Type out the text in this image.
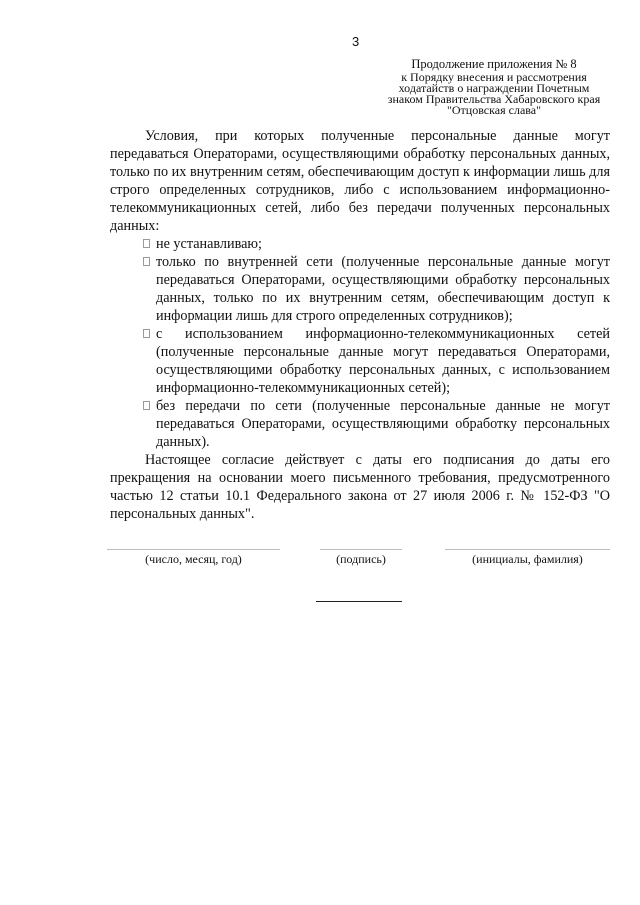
3
Продолжение приложения № 8
к Порядку внесения и рассмотрения
ходатайств о награждении Почетным
знаком Правительства Хабаровского края
"Отцовская слава"

Условия, при которых полученные персональные данные могут передаваться Операторами, осуществляющими обработку персональных данных, только по их внутренним сетям, обеспечивающим доступ к информации лишь для строго определенных сотрудников, либо с использованием информационно-телекоммуникационных сетей, либо без передачи полученных персональных данных:

не устанавливаю;
только по внутренней сети (полученные персональные данные могут передаваться Операторами, осуществляющими обработку персональных данных, только по их внутренним сетям, обеспечивающим доступ к информации лишь для строго определенных сотрудников);
с использованием информационно-телекоммуникационных сетей (полученные персональные данные могут передаваться Операторами, осуществляющими обработку персональных данных, с использованием информационно-телекоммуникационных сетей);
без передачи по сети (полученные персональные данные не могут передаваться Операторами, осуществляющими обработку персональных данных).

Настоящее согласие действует с даты его подписания до даты его прекращения на основании моего письменного требования, предусмотренного частью 12 статьи 10.1 Федерального закона от 27 июля 2006 г. № 152-ФЗ "О персональных данных".

(число, месяц, год)	(подпись)	(инициалы, фамилия)
